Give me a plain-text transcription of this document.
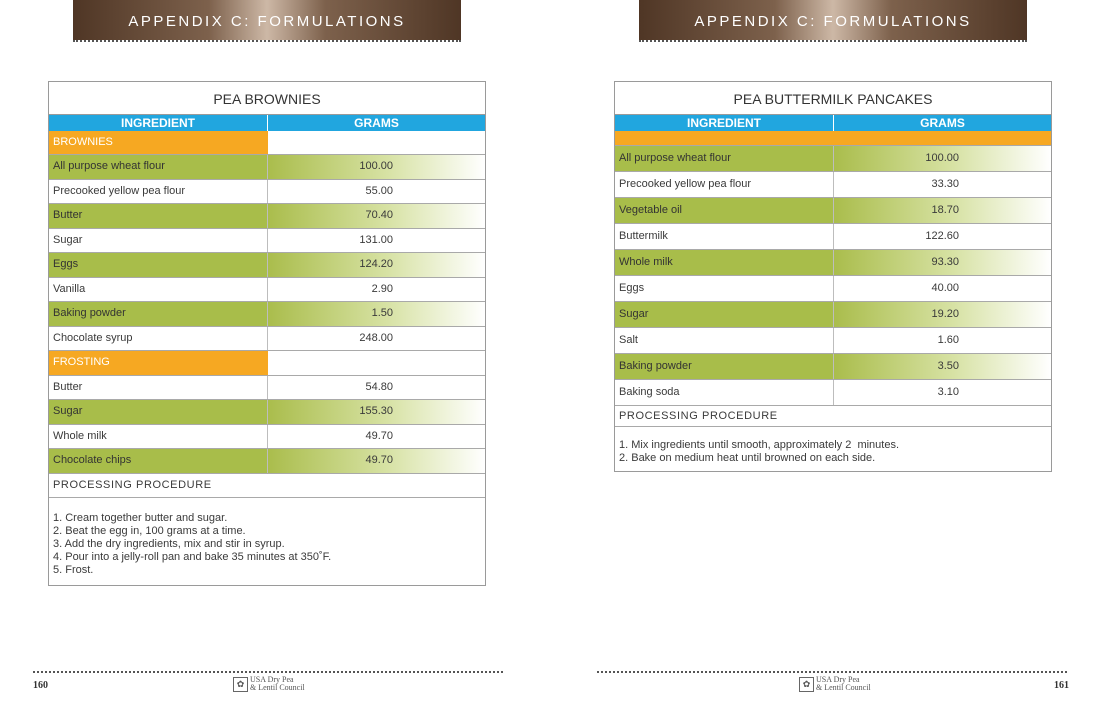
APPENDIX C: FORMULATIONS
PEA BROWNIES
INGREDIENT	GRAMS
BROWNIES
All purpose wheat flour	100.00
Precooked yellow pea flour	55.00
Butter	70.40
Sugar	131.00
Eggs	124.20
Vanilla	2.90
Baking powder	1.50
Chocolate syrup	248.00
FROSTING
Butter	54.80
Sugar	155.30
Whole milk	49.70
Chocolate chips	49.70
PROCESSING PROCEDURE
1. Cream together butter and sugar.
2. Beat the egg in, 100 grams at a time.
3. Add the dry ingredients, mix and stir in syrup.
4. Pour into a jelly-roll pan and bake 35 minutes at 350˚F.
5. Frost.
160	✿ USA Dry Pea
& Lentil Council
APPENDIX C: FORMULATIONS
PEA BUTTERMILK PANCAKES
INGREDIENT	GRAMS
All purpose wheat flour	100.00
Precooked yellow pea flour	33.30
Vegetable oil	18.70
Buttermilk	122.60
Whole milk	93.30
Eggs	40.00
Sugar	19.20
Salt	1.60
Baking powder	3.50
Baking soda	3.10
PROCESSING PROCEDURE
1. Mix ingredients until smooth, approximately 2  minutes.
2. Bake on medium heat until browned on each side.
✿ USA Dry Pea
& Lentil Council	161
